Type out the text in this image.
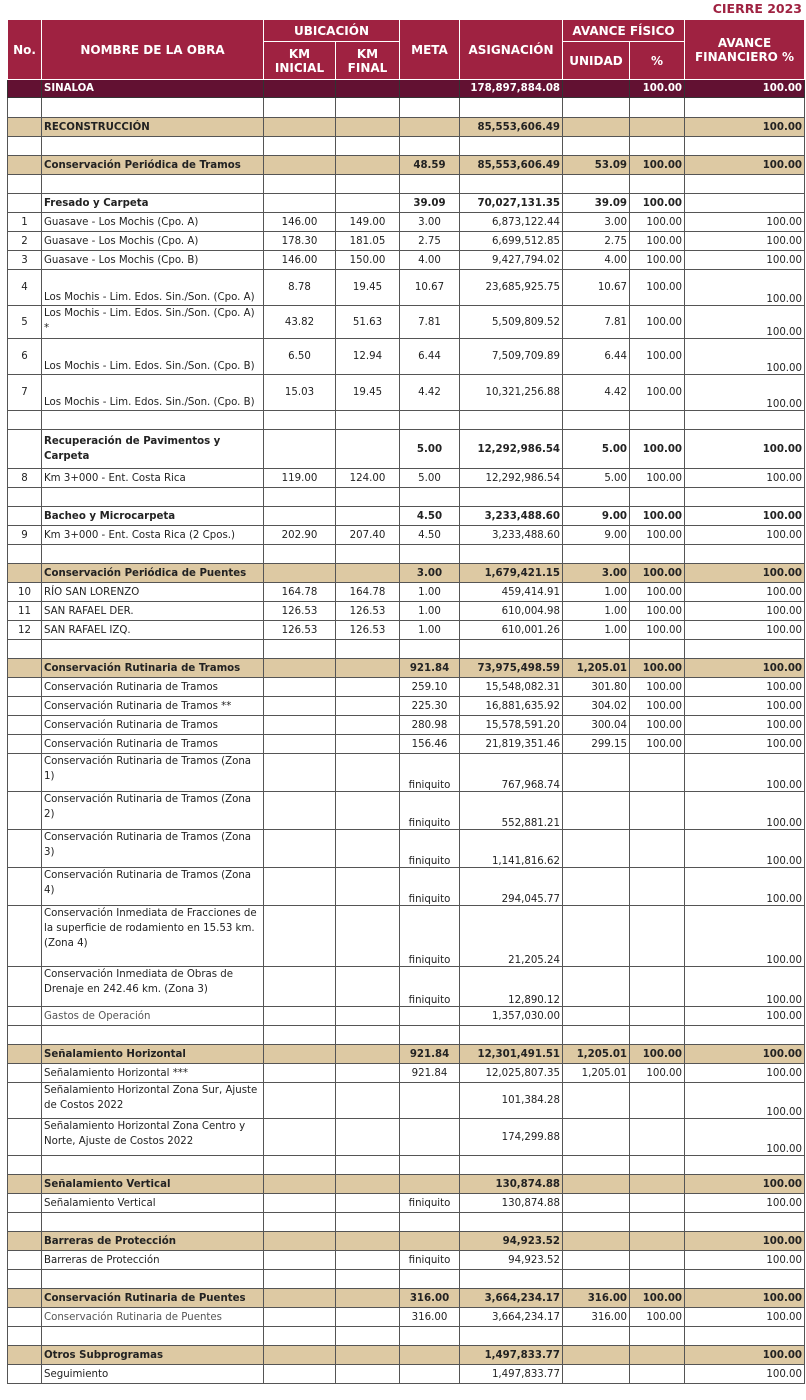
CIERRE 2023
No.	NOMBRE DE LA OBRA	UBICACIÓN		META	ASIGNACIÓN	AVANCE FÍSICO		AVANCE FINANCIERO %
		KM INICIAL	KM FINAL			UNIDAD	%	
	SINALOA				178,897,884.08		100.00	100.00

	RECONSTRUCCIÓN				85,553,606.49			100.00

	Conservación Periódica de Tramos			48.59	85,553,606.49	53.09	100.00	100.00

	Fresado y Carpeta			39.09	70,027,131.35	39.09	100.00	
1	Guasave - Los Mochis (Cpo. A)	146.00	149.00	3.00	6,873,122.44	3.00	100.00	100.00
2	Guasave - Los Mochis (Cpo. A)	178.30	181.05	2.75	6,699,512.85	2.75	100.00	100.00
3	Guasave - Los Mochis (Cpo. B)	146.00	150.00	4.00	9,427,794.02	4.00	100.00	100.00
4	Los Mochis - Lim. Edos. Sin./Son. (Cpo. A)	8.78	19.45	10.67	23,685,925.75	10.67	100.00	100.00
5	Los Mochis - Lim. Edos. Sin./Son. (Cpo. A) *	43.82	51.63	7.81	5,509,809.52	7.81	100.00	100.00
6	Los Mochis - Lim. Edos. Sin./Son. (Cpo. B)	6.50	12.94	6.44	7,509,709.89	6.44	100.00	100.00
7	Los Mochis - Lim. Edos. Sin./Son. (Cpo. B)	15.03	19.45	4.42	10,321,256.88	4.42	100.00	100.00

	Recuperación de Pavimentos y Carpeta			5.00	12,292,986.54	5.00	100.00	100.00
8	Km 3+000 - Ent. Costa Rica	119.00	124.00	5.00	12,292,986.54	5.00	100.00	100.00

	Bacheo y Microcarpeta			4.50	3,233,488.60	9.00	100.00	100.00
9	Km 3+000 - Ent. Costa Rica (2 Cpos.)	202.90	207.40	4.50	3,233,488.60	9.00	100.00	100.00

	Conservación Periódica de Puentes			3.00	1,679,421.15	3.00	100.00	100.00
10	RÍO SAN LORENZO	164.78	164.78	1.00	459,414.91	1.00	100.00	100.00
11	SAN RAFAEL DER.	126.53	126.53	1.00	610,004.98	1.00	100.00	100.00
12	SAN RAFAEL IZQ.	126.53	126.53	1.00	610,001.26	1.00	100.00	100.00

	Conservación Rutinaria de Tramos			921.84	73,975,498.59	1,205.01	100.00	100.00
	Conservación Rutinaria de Tramos			259.10	15,548,082.31	301.80	100.00	100.00
	Conservación Rutinaria de Tramos **			225.30	16,881,635.92	304.02	100.00	100.00
	Conservación Rutinaria de Tramos			280.98	15,578,591.20	300.04	100.00	100.00
	Conservación Rutinaria de Tramos			156.46	21,819,351.46	299.15	100.00	100.00
	Conservación Rutinaria de Tramos (Zona 1)			finiquito	767,968.74			100.00
	Conservación Rutinaria de Tramos (Zona 2)			finiquito	552,881.21			100.00
	Conservación Rutinaria de Tramos (Zona 3)			finiquito	1,141,816.62			100.00
	Conservación Rutinaria de Tramos (Zona 4)			finiquito	294,045.77			100.00
	Conservación Inmediata de Fracciones de la superficie de rodamiento en 15.53 km. (Zona 4)			finiquito	21,205.24			100.00
	Conservación Inmediata de Obras de Drenaje en 242.46 km. (Zona 3)			finiquito	12,890.12			100.00
	Gastos de Operación				1,357,030.00			100.00

	Señalamiento Horizontal			921.84	12,301,491.51	1,205.01	100.00	100.00
	Señalamiento Horizontal ***			921.84	12,025,807.35	1,205.01	100.00	100.00
	Señalamiento Horizontal Zona Sur, Ajuste de Costos 2022				101,384.28			100.00
	Señalamiento Horizontal Zona Centro y Norte, Ajuste de Costos 2022				174,299.88			100.00

	Señalamiento Vertical				130,874.88			100.00
	Señalamiento Vertical			finiquito	130,874.88			100.00

	Barreras de Protección				94,923.52			100.00
	Barreras de Protección			finiquito	94,923.52			100.00

	Conservación Rutinaria de Puentes			316.00	3,664,234.17	316.00	100.00	100.00
	Conservación Rutinaria de Puentes			316.00	3,664,234.17	316.00	100.00	100.00

	Otros Subprogramas				1,497,833.77			100.00
	Seguimiento				1,497,833.77			100.00
